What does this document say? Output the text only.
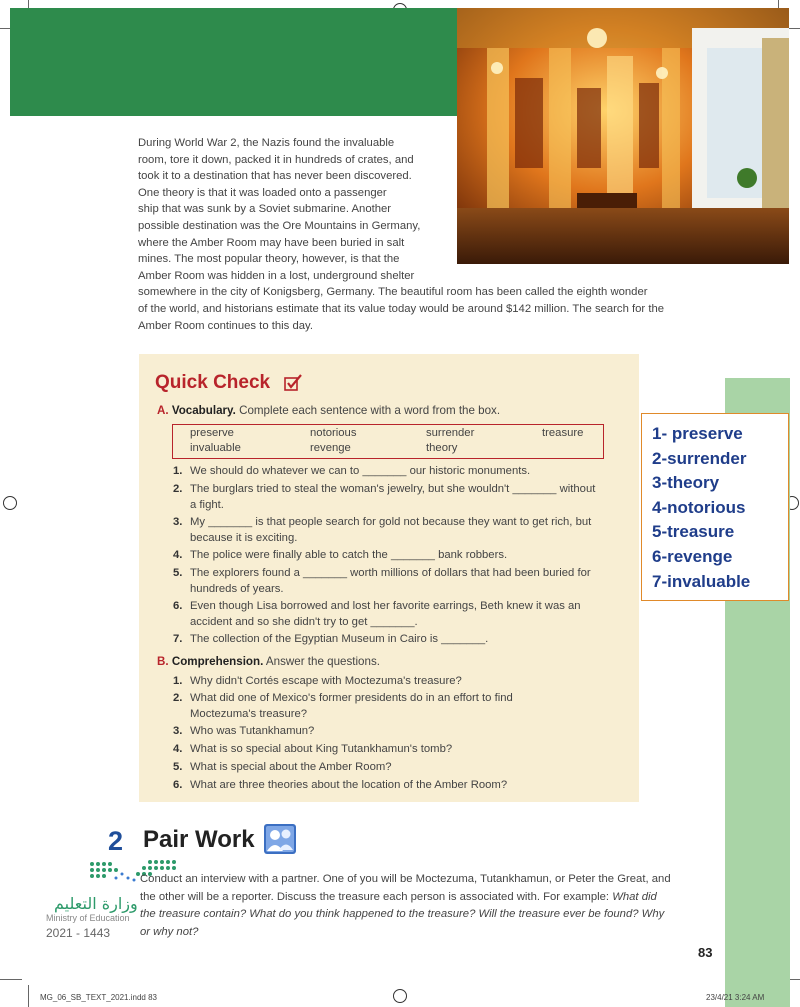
During World War 2, the Nazis found the invaluable
room, tore it down, packed it in hundreds of crates, and
took it to a destination that has never been discovered.
One theory is that it was loaded onto a passenger
ship that was sunk by a Soviet submarine. Another
possible destination was the Ore Mountains in Germany,
where the Amber Room may have been buried in salt
mines. The most popular theory, however, is that the
Amber Room was hidden in a lost, underground shelter
somewhere in the city of Konigsberg, Germany. The beautiful room has been called the eighth wonder
of the world, and historians estimate that its value today would be around $142 million. The search for the
Amber Room continues to this day.
Quick Check
A. Vocabulary. Complete each sentence with a word from the box.
preserve	notorious	surrender	treasure
invaluable	revenge	theory
1. We should do whatever we can to _______ our historic monuments.
2. The burglars tried to steal the woman's jewelry, but she wouldn't _______ without
a fight.
3. My _______ is that people search for gold not because they want to get rich, but
because it is exciting.
4. The police were finally able to catch the _______ bank robbers.
5. The explorers found a _______ worth millions of dollars that had been buried for
hundreds of years.
6. Even though Lisa borrowed and lost her favorite earrings, Beth knew it was an
accident and so she didn't try to get _______.
7. The collection of the Egyptian Museum in Cairo is _______.
B. Comprehension. Answer the questions.
1. Why didn't Cortés escape with Moctezuma's treasure?
2. What did one of Mexico's former presidents do in an effort to find
Moctezuma's treasure?
3. Who was Tutankhamun?
4. What is so special about King Tutankhamun's tomb?
5. What is special about the Amber Room?
6. What are three theories about the location of the Amber Room?
1- preserve
2-surrender
3-theory
4-notorious
5-treasure
6-revenge
7-invaluable
2 Pair Work
Conduct an interview with a partner. One of you will be Moctezuma, Tutankhamun, or Peter the Great, and
the other will be a reporter. Discuss the treasure each person is associated with. For example: What did
the treasure contain? What do you think happened to the treasure? Will the treasure ever be found? Why
or why not?
وزارة التعليم
Ministry of Education
2021 - 1443
83
MG_06_SB_TEXT_2021.indd 83	23/4/21 3:24 AM
